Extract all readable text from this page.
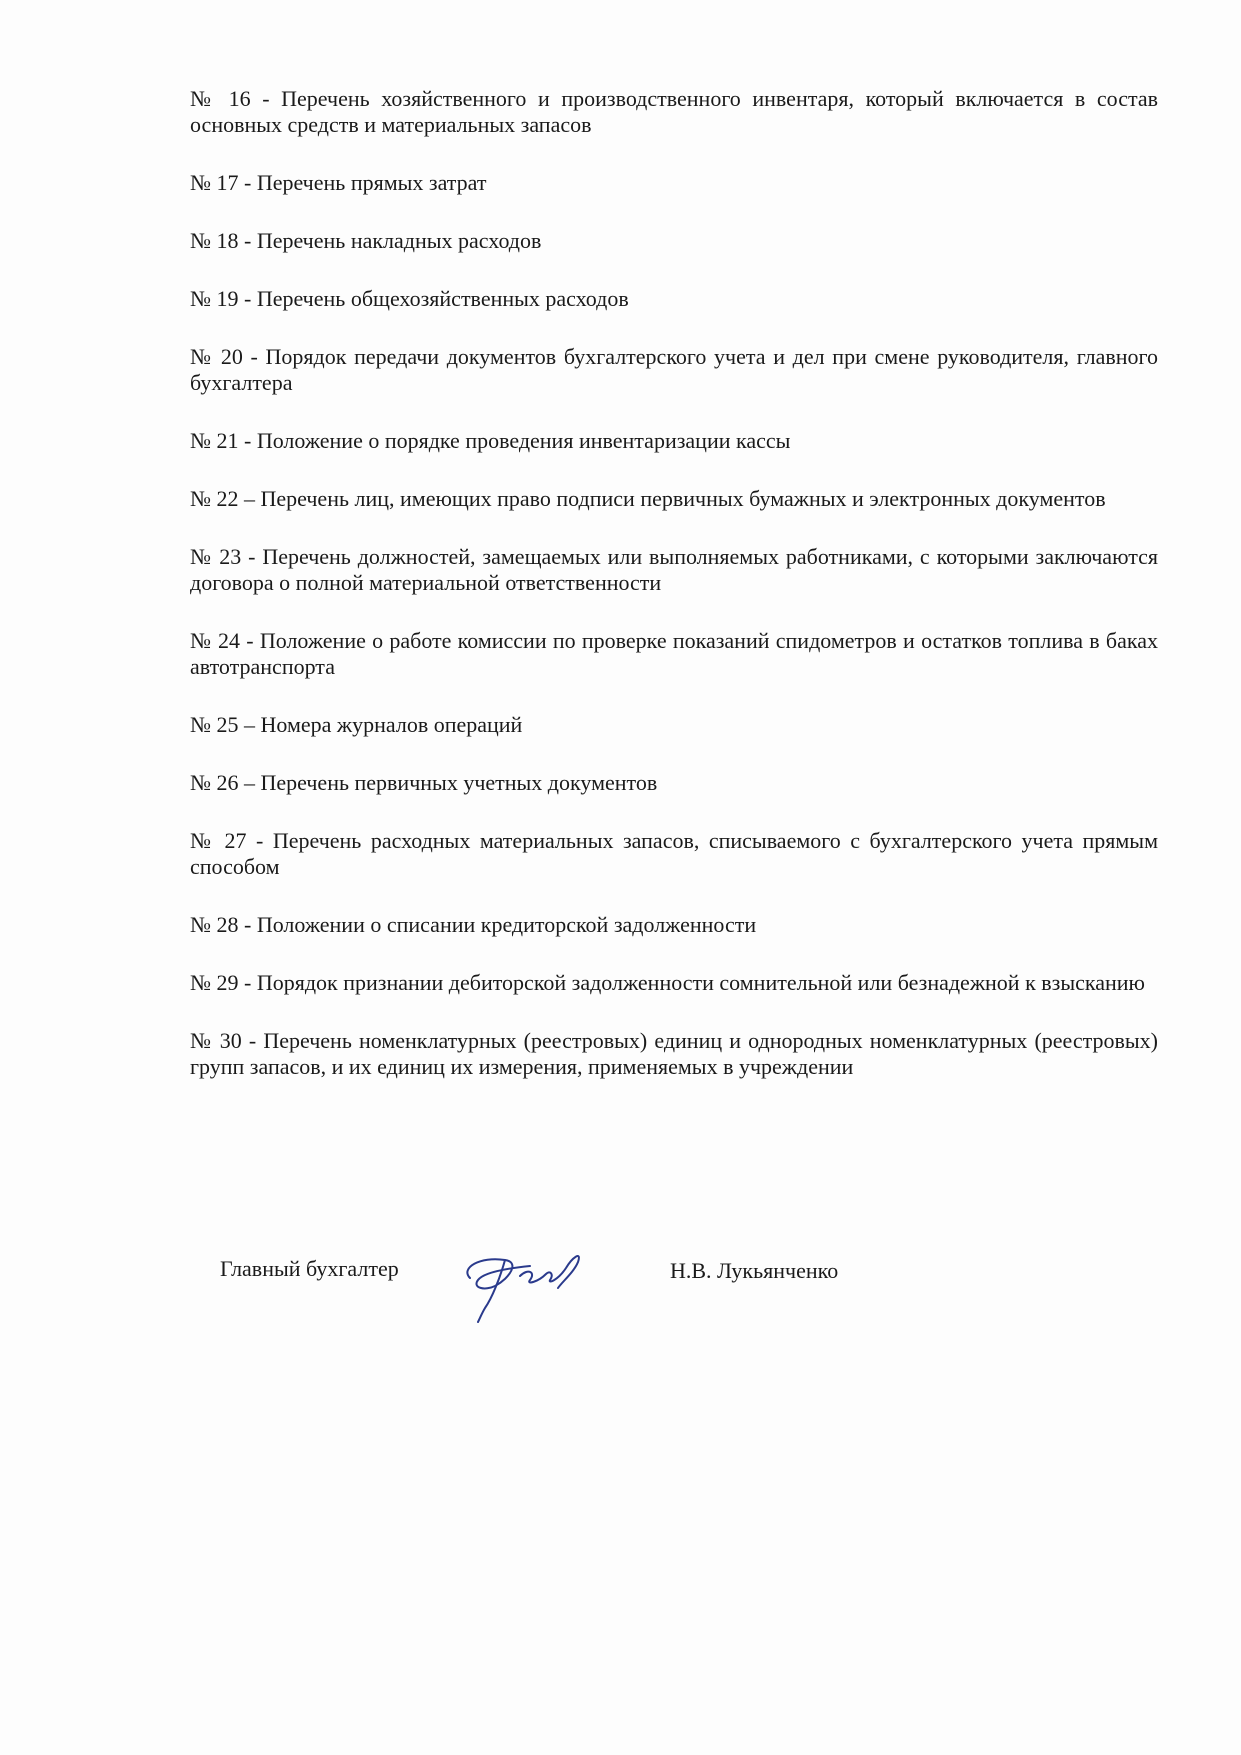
№ 16 - Перечень хозяйственного и производственного инвентаря, который включается в состав основных средств и материальных запасов

№ 17 - Перечень прямых затрат

№ 18 - Перечень накладных расходов

№ 19 - Перечень общехозяйственных расходов

№ 20 - Порядок передачи документов бухгалтерского учета и дел при смене руководителя, главного бухгалтера

№ 21 - Положение о порядке проведения инвентаризации кассы

№ 22 – Перечень лиц, имеющих право подписи первичных бумажных и электронных документов

№ 23 - Перечень должностей, замещаемых или выполняемых работниками, с которыми заключаются договора о полной материальной ответственности

№ 24 - Положение о работе комиссии по проверке показаний спидометров и остатков топлива в баках автотранспорта

№ 25 – Номера журналов операций

№ 26 – Перечень первичных учетных документов

№ 27 - Перечень расходных материальных запасов, списываемого с бухгалтерского учета прямым способом

№ 28 - Положении о списании кредиторской задолженности

№ 29 - Порядок признании дебиторской задолженности сомнительной или безнадежной к взысканию

№ 30 - Перечень номенклатурных (реестровых) единиц и однородных номенклатурных (реестровых) групп запасов, и их единиц их измерения, применяемых в учреждении

Главный бухгалтер	Н.В. Лукьянченко
